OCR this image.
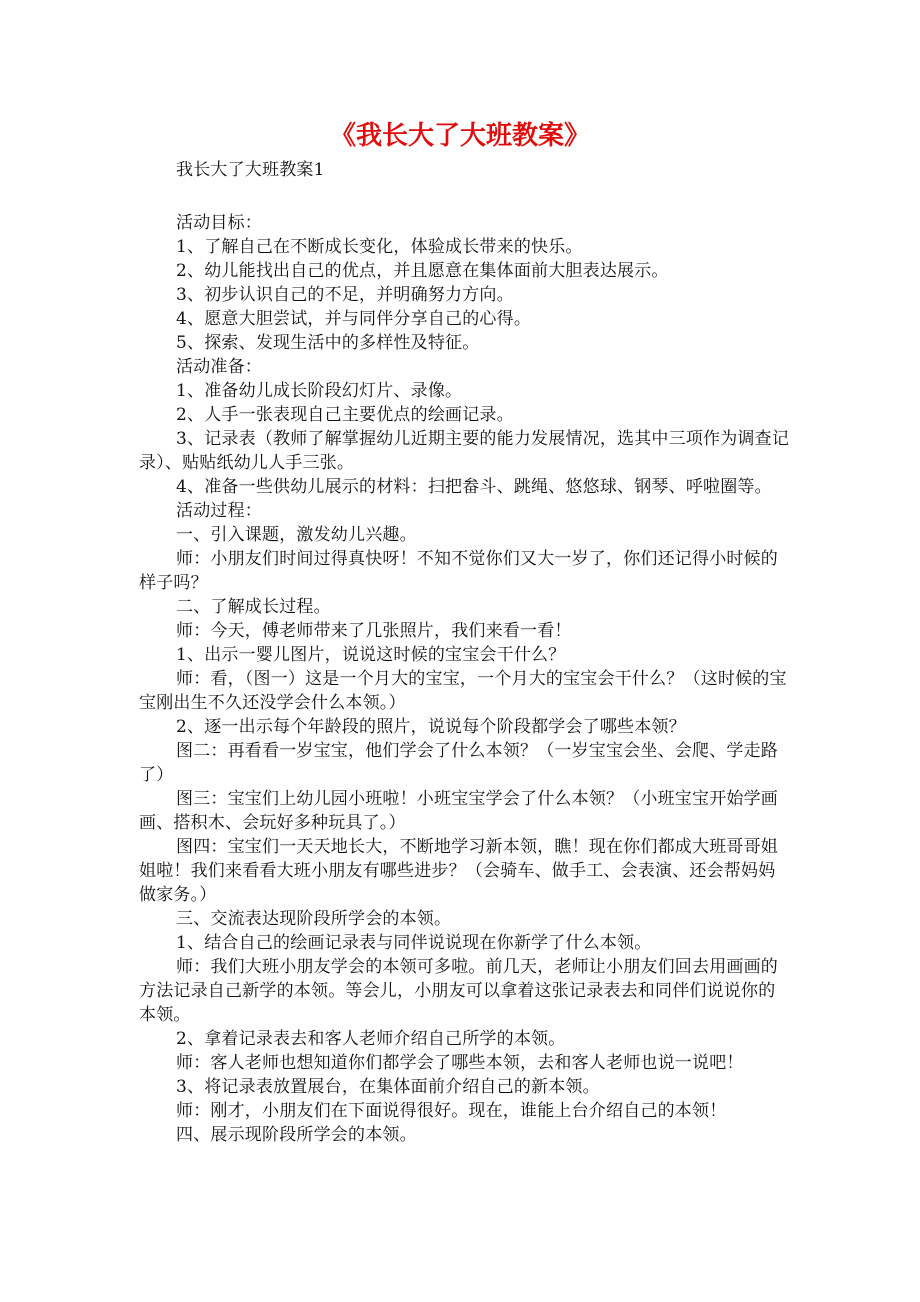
《我长大了大班教案》

我长大了大班教案1

活动目标：

1、了解自己在不断成长变化，体验成长带来的快乐。

2、幼儿能找出自己的优点，并且愿意在集体面前大胆表达展示。

3、初步认识自己的不足，并明确努力方向。

4、愿意大胆尝试，并与同伴分享自己的心得。

5、探索、发现生活中的多样性及特征。

活动准备：

1、准备幼儿成长阶段幻灯片、录像。

2、人手一张表现自己主要优点的绘画记录。

3、记录表（教师了解掌握幼儿近期主要的能力发展情况，选其中三项作为调查记录）、贴贴纸幼儿人手三张。

4、准备一些供幼儿展示的材料：扫把畚斗、跳绳、悠悠球、钢琴、呼啦圈等。

活动过程：

一、引入课题，激发幼儿兴趣。

师：小朋友们时间过得真快呀！不知不觉你们又大一岁了，你们还记得小时候的样子吗？

二、了解成长过程。

师：今天，傅老师带来了几张照片，我们来看一看！

1、出示一婴儿图片，说说这时候的宝宝会干什么？

师：看，（图一）这是一个月大的宝宝，一个月大的宝宝会干什么？（这时候的宝宝刚出生不久还没学会什么本领。）

2、逐一出示每个年龄段的照片，说说每个阶段都学会了哪些本领？

图二：再看看一岁宝宝，他们学会了什么本领？（一岁宝宝会坐、会爬、学走路了）

图三：宝宝们上幼儿园小班啦！小班宝宝学会了什么本领？（小班宝宝开始学画画、搭积木、会玩好多种玩具了。）

图四：宝宝们一天天地长大，不断地学习新本领，瞧！现在你们都成大班哥哥姐姐啦！我们来看看大班小朋友有哪些进步？（会骑车、做手工、会表演、还会帮妈妈做家务。）

三、交流表达现阶段所学会的本领。

1、结合自己的绘画记录表与同伴说说现在你新学了什么本领。

师：我们大班小朋友学会的本领可多啦。前几天，老师让小朋友们回去用画画的方法记录自己新学的本领。等会儿，小朋友可以拿着这张记录表去和同伴们说说你的本领。

2、拿着记录表去和客人老师介绍自己所学的本领。

师：客人老师也想知道你们都学会了哪些本领，去和客人老师也说一说吧！

3、将记录表放置展台，在集体面前介绍自己的新本领。

师：刚才，小朋友们在下面说得很好。现在，谁能上台介绍自己的本领！

四、展示现阶段所学会的本领。
